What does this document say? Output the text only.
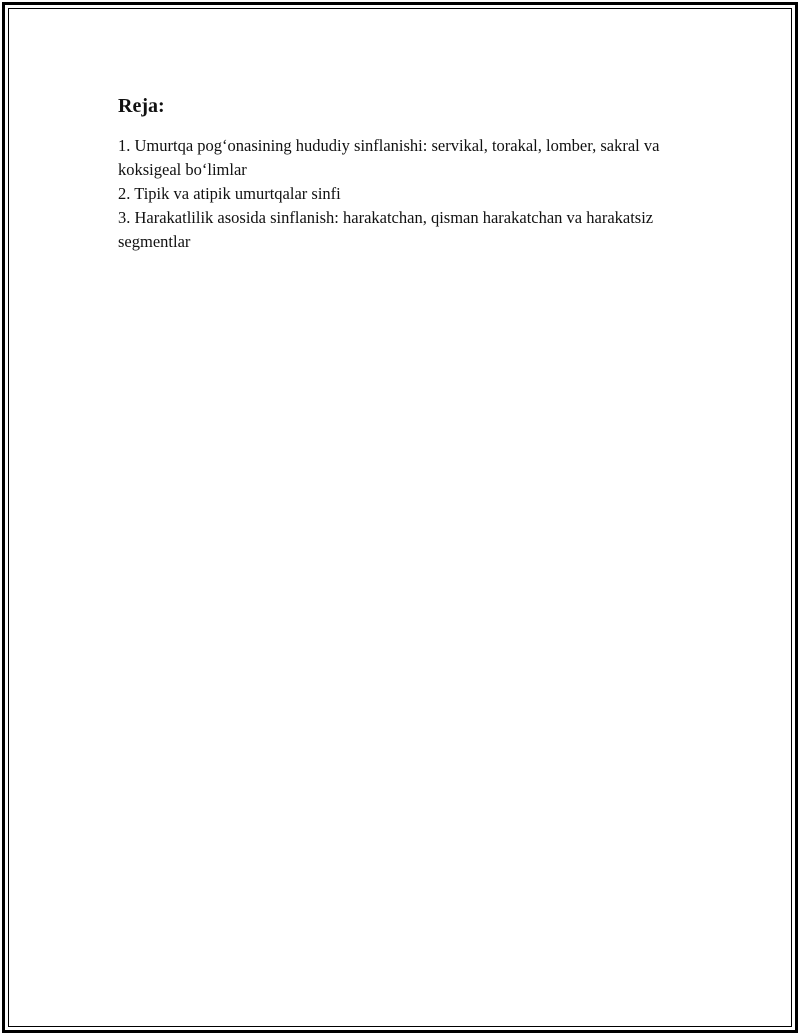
Reja:
1. Umurtqa pog‘onasining hududiy sinflanishi: servikal, torakal, lomber, sakral va koksigeal bo‘limlar
2. Tipik va atipik umurtqalar sinfi
3. Harakatlilik asosida sinflanish: harakatchan, qisman harakatchan va harakatsiz segmentlar
